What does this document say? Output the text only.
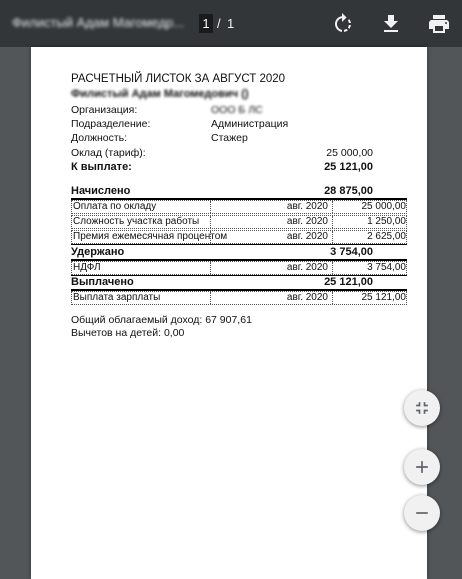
Филистый Адам Магомедр...	1 / 1
РАСЧЕТНЫЙ ЛИСТОК ЗА АВГУСТ 2020
Филистый Адам Магомедович ()
Организация:	ООО Б ЛС
Подразделение:	Администрация
Должность:	Стажер
Оклад (тариф):	25 000,00
К выплате:	25 121,00
Начислено	28 875,00
Оплата по окладу	авг. 2020	25 000,00
Сложность участка работы	авг. 2020	1 250,00
Премия ежемесячная процентом	авг. 2020	2 625,00
Удержано	3 754,00
НДФЛ	авг. 2020	3 754,00
Выплачено	25 121,00
Выплата зарплаты	авг. 2020	25 121,00
Общий облагаемый доход: 67 907,61
Вычетов на детей: 0,00
